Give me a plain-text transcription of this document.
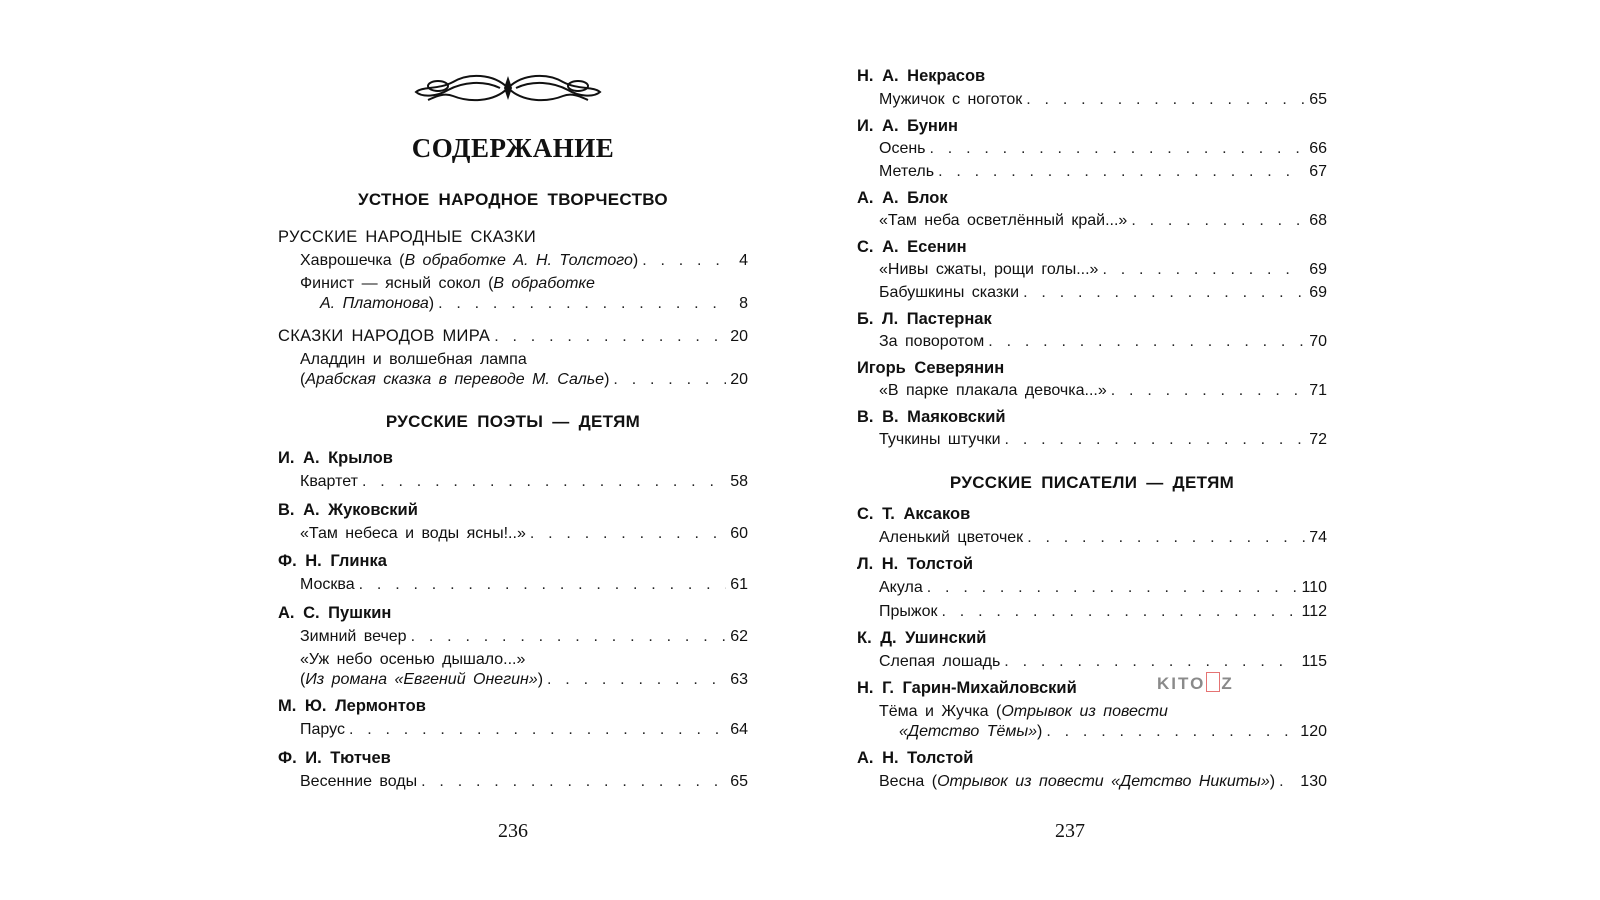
СОДЕРЖАНИЕ
УСТНОЕ НАРОДНОЕ ТВОРЧЕСТВО
РУССКИЕ НАРОДНЫЕ СКАЗКИ
Хаврошечка (В обработке А. Н. Толстого) . . .	4
Финист — ясный сокол (В обработке
А. Платонова) . . .	8
СКАЗКИ НАРОДОВ МИРА . . .	20
Аладдин и волшебная лампа
(Арабская сказка в переводе М. Салье) . . .	20
РУССКИЕ ПОЭТЫ — ДЕТЯМ
И. А. Крылов
Квартет . . .	58
В. А. Жуковский
«Там небеса и воды ясны!..» . . .	60
Ф. Н. Глинка
Москва . . .	61
А. С. Пушкин
Зимний вечер . . .	62
«Уж небо осенью дышало...»
(Из романа «Евгений Онегин») . . .	63
М. Ю. Лермонтов
Парус . . .	64
Ф. И. Тютчев
Весенние воды . . .	65
236
Н. А. Некрасов
Мужичок с ноготок . . .	65
И. А. Бунин
Осень . . .	66
Метель . . .	67
А. А. Блок
«Там неба осветлённый край...» . . .	68
С. А. Есенин
«Нивы сжаты, рощи голы...» . . .	69
Бабушкины сказки . . .	69
Б. Л. Пастернак
За поворотом . . .	70
Игорь Северянин
«В парке плакала девочка...» . . .	71
В. В. Маяковский
Тучкины штучки . . .	72
РУССКИЕ ПИСАТЕЛИ — ДЕТЯМ
С. Т. Аксаков
Аленький цветочек . . .	74
Л. Н. Толстой
Акула . . .	110
Прыжок . . .	112
К. Д. Ушинский
Слепая лошадь . . .	115
Н. Г. Гарин-Михайловский
Тёма и Жучка (Отрывок из повести
«Детство Тёмы») . . .	120
А. Н. Толстой
Весна (Отрывок из повести «Детство Никиты») . . . 130
237
KITO Z
